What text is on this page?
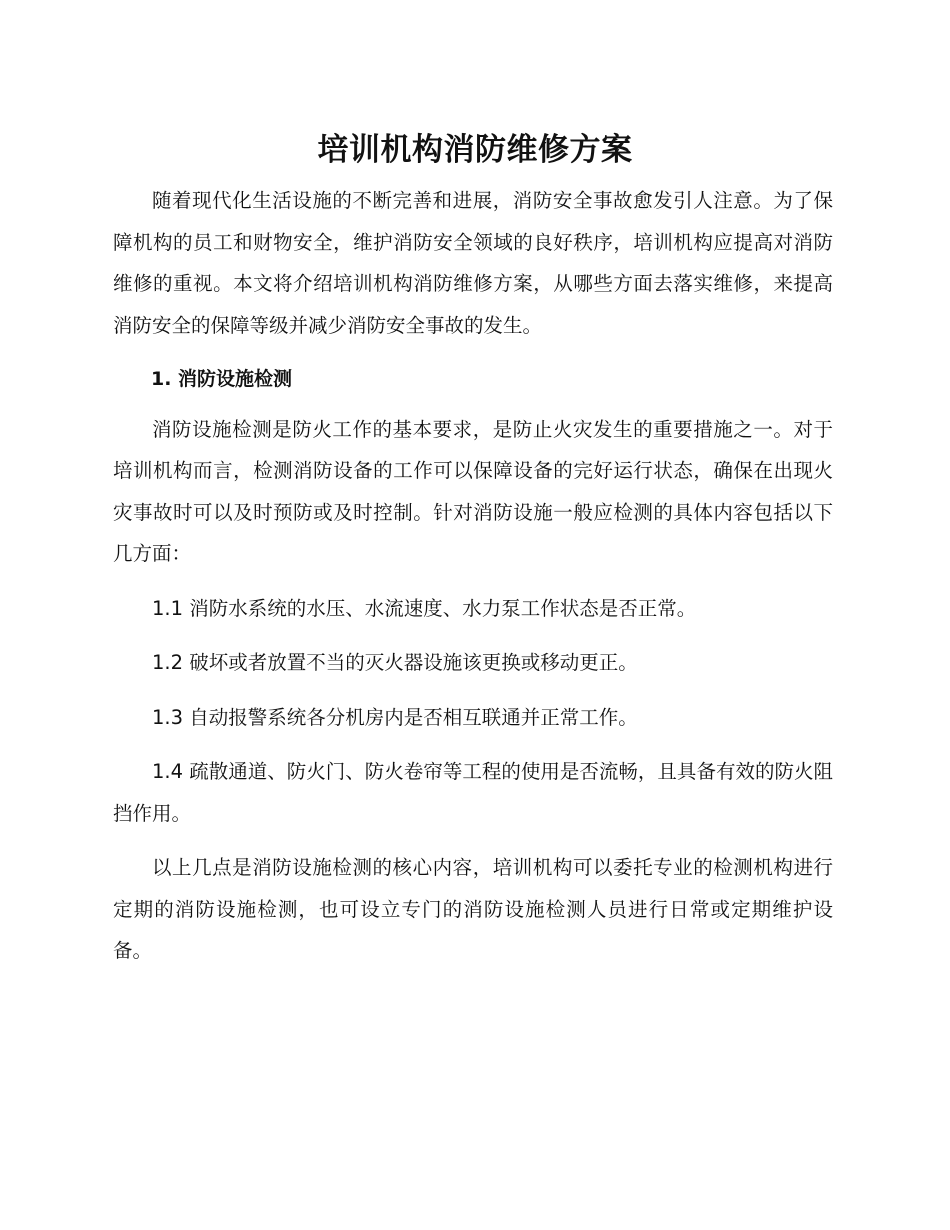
培训机构消防维修方案

随着现代化生活设施的不断完善和进展，消防安全事故愈发引人注意。为了保障机构的员工和财物安全，维护消防安全领域的良好秩序，培训机构应提高对消防维修的重视。本文将介绍培训机构消防维修方案，从哪些方面去落实维修，来提高消防安全的保障等级并减少消防安全事故的发生。

1. 消防设施检测

消防设施检测是防火工作的基本要求，是防止火灾发生的重要措施之一。对于培训机构而言，检测消防设备的工作可以保障设备的完好运行状态，确保在出现火灾事故时可以及时预防或及时控制。针对消防设施一般应检测的具体内容包括以下几方面：

1.1 消防水系统的水压、水流速度、水力泵工作状态是否正常。

1.2 破坏或者放置不当的灭火器设施该更换或移动更正。

1.3 自动报警系统各分机房内是否相互联通并正常工作。

1.4 疏散通道、防火门、防火卷帘等工程的使用是否流畅，且具备有效的防火阻挡作用。

以上几点是消防设施检测的核心内容，培训机构可以委托专业的检测机构进行定期的消防设施检测，也可设立专门的消防设施检测人员进行日常或定期维护设备。
